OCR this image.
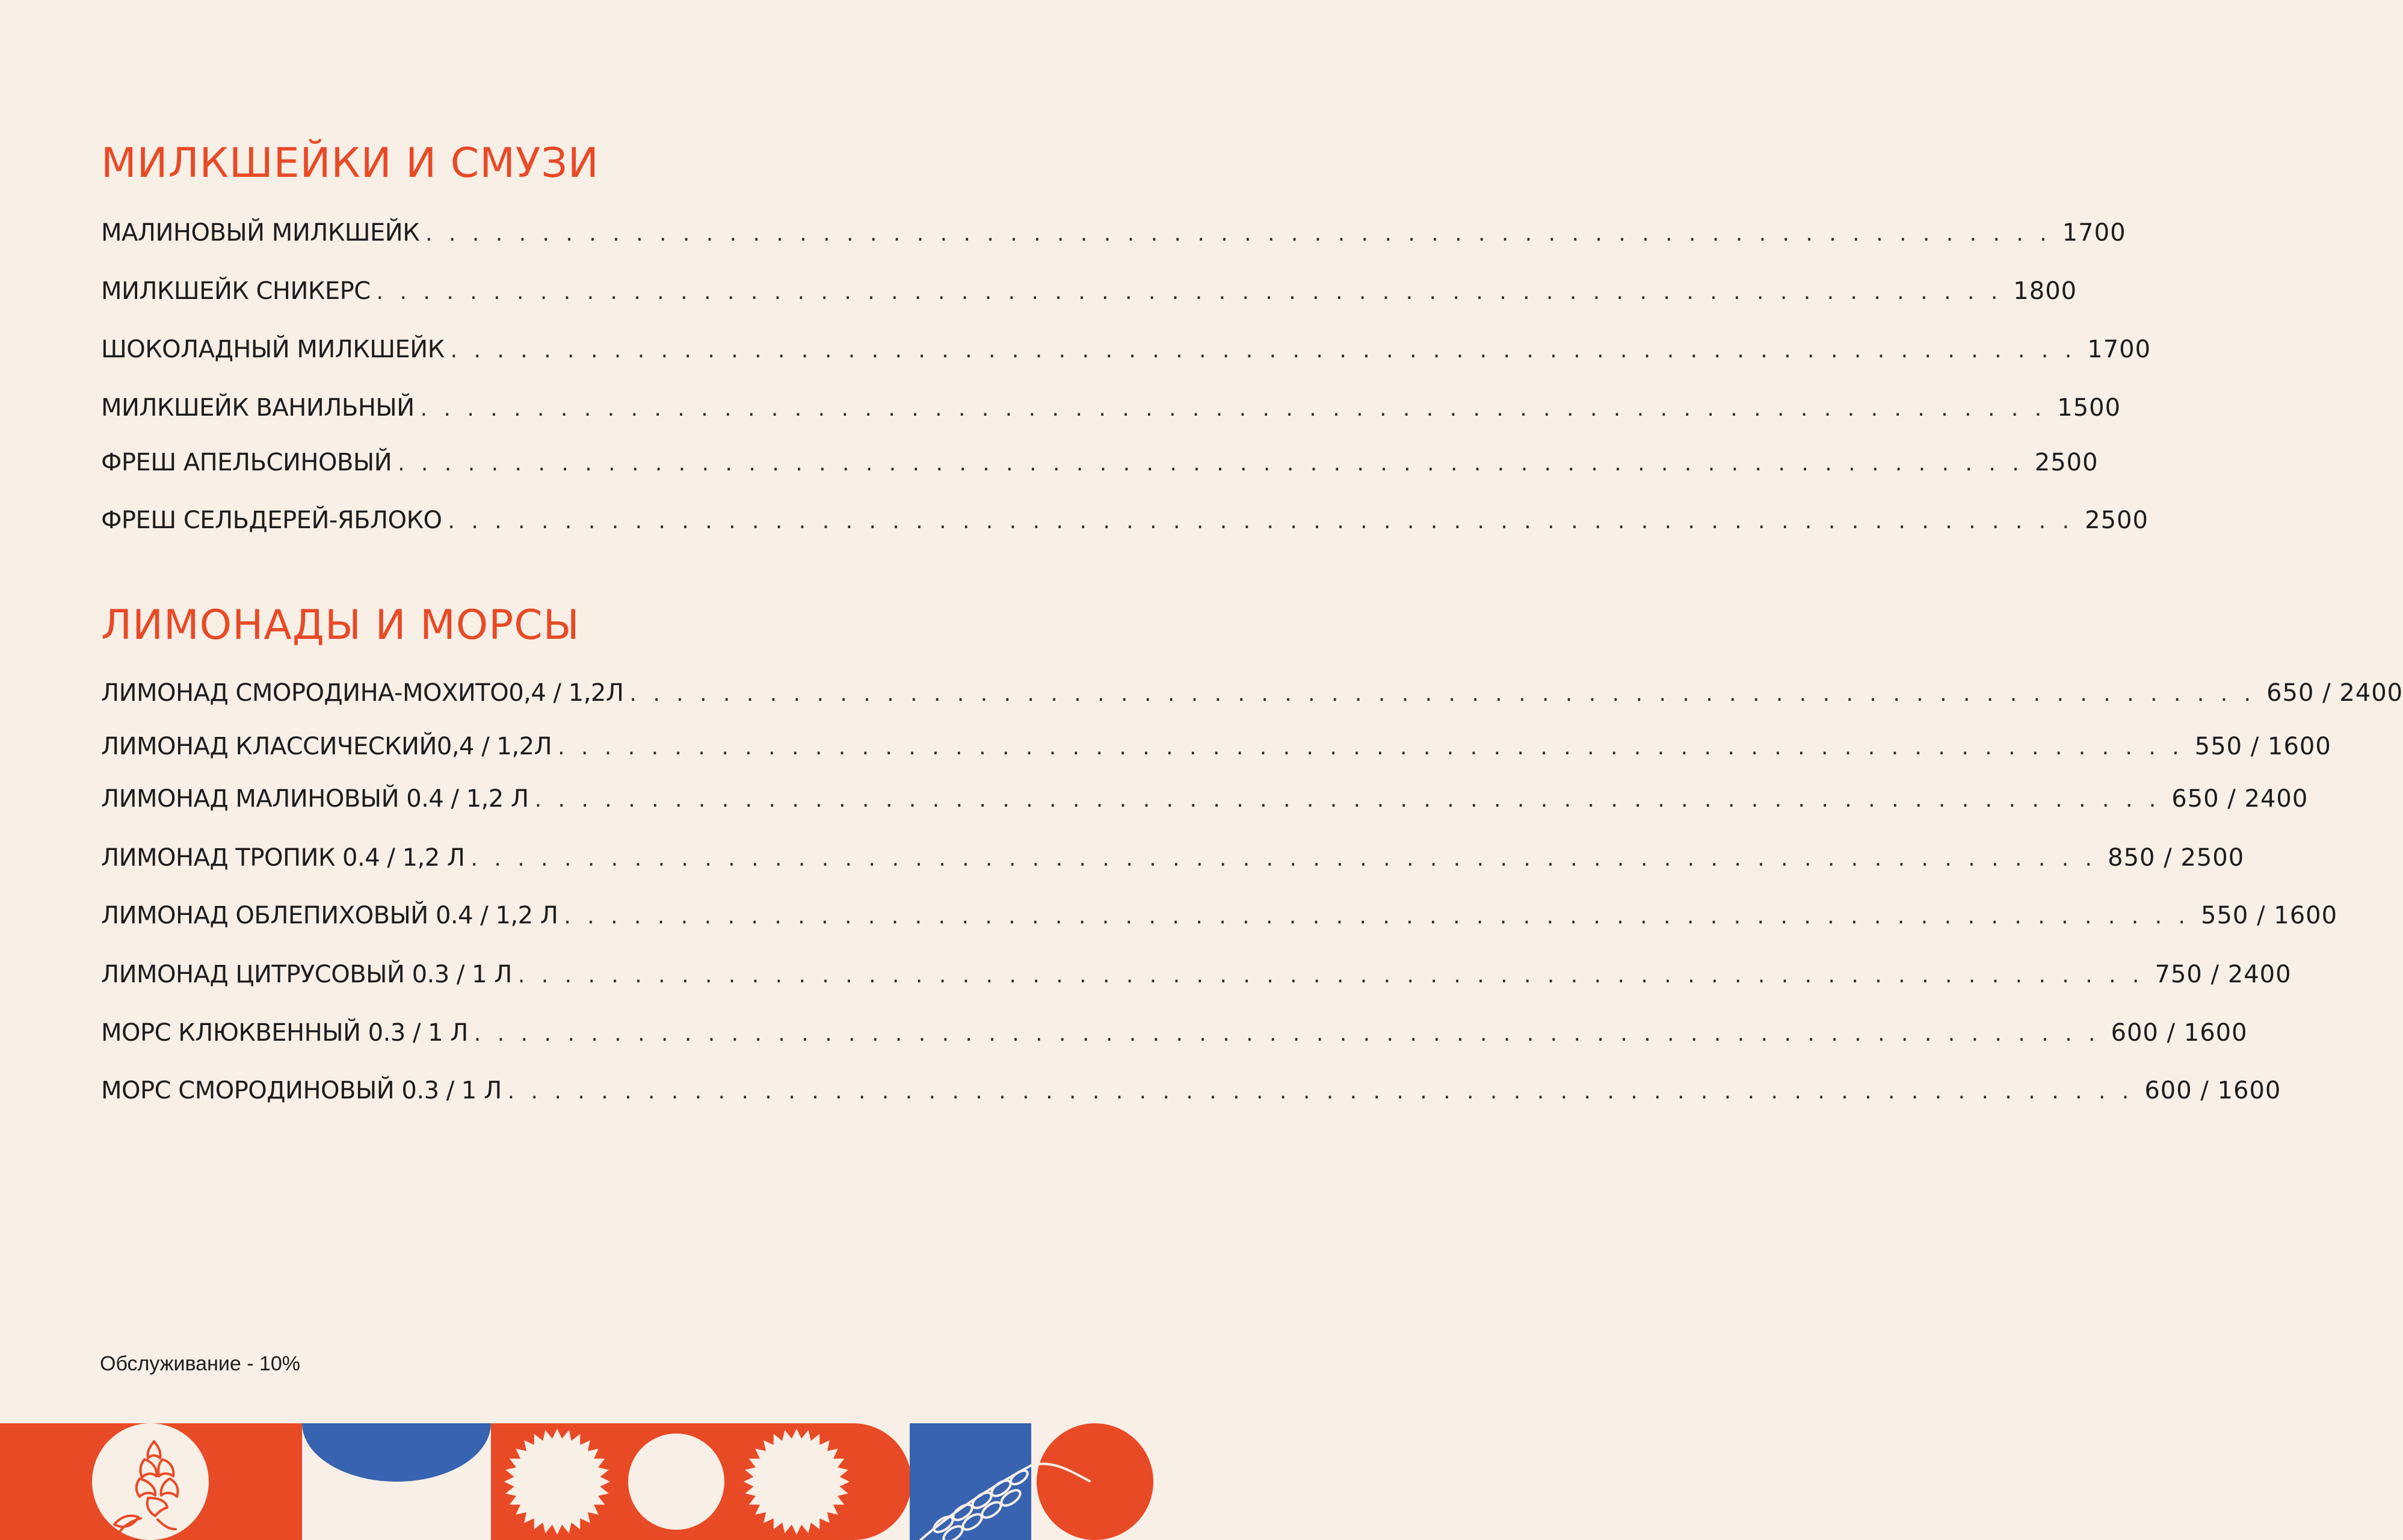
МИЛКШЕЙКИ И СМУЗИ
МАЛИНОВЫЙ МИЛКШЕЙК . . . . . . . . . . . . . . . . . . . . . . . . . . . . . . . . . . . . . . . . . . . . . . . . . . . . . . . . . . . . . . . . . . . . . . 1700
МИЛКШЕЙК СНИКЕРС . . . . . . . . . . . . . . . . . . . . . . . . . . . . . . . . . . . . . . . . . . . . . . . . . . . . . . . . . . . . . . . . . . . . . . 1800
ШОКОЛАДНЫЙ МИЛКШЕЙК . . . . . . . . . . . . . . . . . . . . . . . . . . . . . . . . . . . . . . . . . . . . . . . . . . . . . . . . . . . . . . . . . . . . . . 1700
МИЛКШЕЙК ВАНИЛЬНЫЙ . . . . . . . . . . . . . . . . . . . . . . . . . . . . . . . . . . . . . . . . . . . . . . . . . . . . . . . . . . . . . . . . . . . . . . 1500
ФРЕШ АПЕЛЬСИНОВЫЙ . . . . . . . . . . . . . . . . . . . . . . . . . . . . . . . . . . . . . . . . . . . . . . . . . . . . . . . . . . . . . . . . . . . . . . 2500
ФРЕШ СЕЛЬДЕРЕЙ-ЯБЛОКО . . . . . . . . . . . . . . . . . . . . . . . . . . . . . . . . . . . . . . . . . . . . . . . . . . . . . . . . . . . . . . . . . . . . . . 2500
ЛИМОНАДЫ И МОРСЫ
ЛИМОНАД СМОРОДИНА-МОХИТО0,4 / 1,2Л . . . . . . . . . . . . . . . . . . . . . . . . . . . . . . . . . . . . . . . . . . . . . . . . . . . . . . . . . . . . . . . . . . . . . . 650 / 2400
ЛИМОНАД КЛАССИЧЕСКИЙ0,4 / 1,2Л . . . . . . . . . . . . . . . . . . . . . . . . . . . . . . . . . . . . . . . . . . . . . . . . . . . . . . . . . . . . . . . . . . . . . . 550 / 1600
ЛИМОНАД МАЛИНОВЫЙ 0.4 / 1,2 Л . . . . . . . . . . . . . . . . . . . . . . . . . . . . . . . . . . . . . . . . . . . . . . . . . . . . . . . . . . . . . . . . . . . . . . 650 / 2400
ЛИМОНАД ТРОПИК 0.4 / 1,2 Л . . . . . . . . . . . . . . . . . . . . . . . . . . . . . . . . . . . . . . . . . . . . . . . . . . . . . . . . . . . . . . . . . . . . . . 850 / 2500
ЛИМОНАД ОБЛЕПИХОВЫЙ 0.4 / 1,2 Л . . . . . . . . . . . . . . . . . . . . . . . . . . . . . . . . . . . . . . . . . . . . . . . . . . . . . . . . . . . . . . . . . . . . . . 550 / 1600
ЛИМОНАД ЦИТРУСОВЫЙ 0.3 / 1 Л . . . . . . . . . . . . . . . . . . . . . . . . . . . . . . . . . . . . . . . . . . . . . . . . . . . . . . . . . . . . . . . . . . . . . . 750 / 2400
МОРС КЛЮКВЕННЫЙ 0.3 / 1 Л . . . . . . . . . . . . . . . . . . . . . . . . . . . . . . . . . . . . . . . . . . . . . . . . . . . . . . . . . . . . . . . . . . . . . . 600 / 1600
МОРС СМОРОДИНОВЫЙ 0.3 / 1 Л . . . . . . . . . . . . . . . . . . . . . . . . . . . . . . . . . . . . . . . . . . . . . . . . . . . . . . . . . . . . . . . . . . . . . . 600 / 1600
Обслуживание - 10%
